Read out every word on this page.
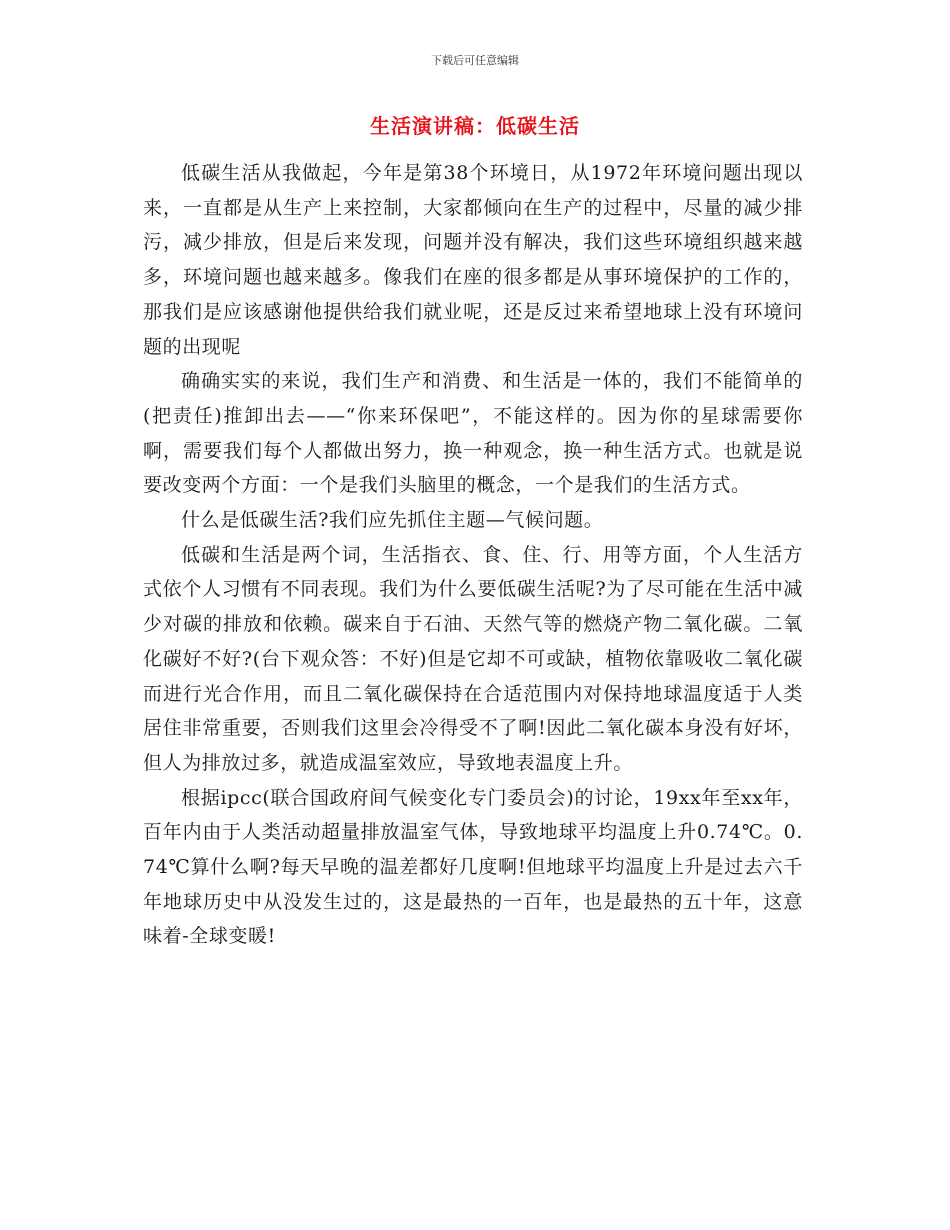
下载后可任意编辑
生活演讲稿：低碳生活

低碳生活从我做起，今年是第38个环境日，从1972年环境问题出现以来，一直都是从生产上来控制，大家都倾向在生产的过程中，尽量的减少排污，减少排放，但是后来发现，问题并没有解决，我们这些环境组织越来越多，环境问题也越来越多。像我们在座的很多都是从事环境保护的工作的，那我们是应该感谢他提供给我们就业呢，还是反过来希望地球上没有环境问题的出现呢

确确实实的来说，我们生产和消费、和生活是一体的，我们不能简单的(把责任)推卸出去——“你来环保吧”，不能这样的。因为你的星球需要你啊，需要我们每个人都做出努力，换一种观念，换一种生活方式。也就是说要改变两个方面：一个是我们头脑里的概念，一个是我们的生活方式。

什么是低碳生活?我们应先抓住主题—气候问题。

低碳和生活是两个词，生活指衣、食、住、行、用等方面，个人生活方式依个人习惯有不同表现。我们为什么要低碳生活呢?为了尽可能在生活中减少对碳的排放和依赖。碳来自于石油、天然气等的燃烧产物二氧化碳。二氧化碳好不好?(台下观众答：不好)但是它却不可或缺，植物依靠吸收二氧化碳而进行光合作用，而且二氧化碳保持在合适范围内对保持地球温度适于人类居住非常重要，否则我们这里会冷得受不了啊!因此二氧化碳本身没有好坏，但人为排放过多，就造成温室效应，导致地表温度上升。

根据ipcc(联合国政府间气候变化专门委员会)的讨论，19xx年至xx年，百年内由于人类活动超量排放温室气体，导致地球平均温度上升0.74℃。0.74℃算什么啊?每天早晚的温差都好几度啊!但地球平均温度上升是过去六千年地球历史中从没发生过的，这是最热的一百年，也是最热的五十年，这意味着-全球变暖!
